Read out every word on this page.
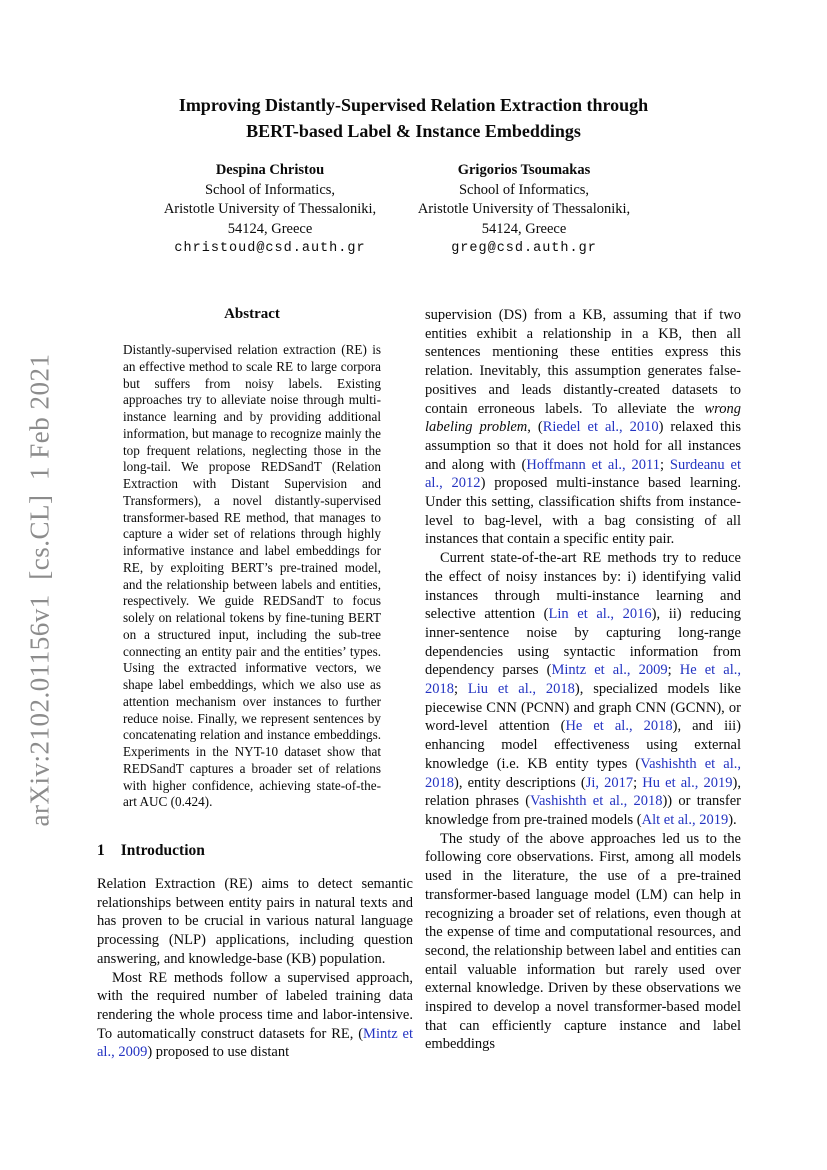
arXiv:2102.01156v1  [cs.CL]  1 Feb 2021
Improving Distantly-Supervised Relation Extraction through
BERT-based Label & Instance Embeddings
Despina Christou
School of Informatics,
Aristotle University of Thessaloniki,
54124, Greece
christoud@csd.auth.gr
Grigorios Tsoumakas
School of Informatics,
Aristotle University of Thessaloniki,
54124, Greece
greg@csd.auth.gr
Abstract

Distantly-supervised relation extraction (RE) is an effective method to scale RE to large corpora but suffers from noisy labels. Existing approaches try to alleviate noise through multi-instance learning and by providing additional information, but manage to recognize mainly the top frequent relations, neglecting those in the long-tail. We propose REDSandT (Relation Extraction with Distant Supervision and Transformers), a novel distantly-supervised transformer-based RE method, that manages to capture a wider set of relations through highly informative instance and label embeddings for RE, by exploiting BERT’s pre-trained model, and the relationship between labels and entities, respectively. We guide REDSandT to focus solely on relational tokens by fine-tuning BERT on a structured input, including the sub-tree connecting an entity pair and the entities’ types. Using the extracted informative vectors, we shape label embeddings, which we also use as attention mechanism over instances to further reduce noise. Finally, we represent sentences by concatenating relation and instance embeddings. Experiments in the NYT-10 dataset show that REDSandT captures a broader set of relations with higher confidence, achieving state-of-the-art AUC (0.424).

1 Introduction

Relation Extraction (RE) aims to detect semantic relationships between entity pairs in natural texts and has proven to be crucial in various natural language processing (NLP) applications, including question answering, and knowledge-base (KB) population.

Most RE methods follow a supervised approach, with the required number of labeled training data rendering the whole process time and labor-intensive. To automatically construct datasets for RE, (Mintz et al., 2009) proposed to use distant

supervision (DS) from a KB, assuming that if two entities exhibit a relationship in a KB, then all sentences mentioning these entities express this relation. Inevitably, this assumption generates false-positives and leads distantly-created datasets to contain erroneous labels. To alleviate the wrong labeling problem, (Riedel et al., 2010) relaxed this assumption so that it does not hold for all instances and along with (Hoffmann et al., 2011; Surdeanu et al., 2012) proposed multi-instance based learning. Under this setting, classification shifts from instance-level to bag-level, with a bag consisting of all instances that contain a specific entity pair.

Current state-of-the-art RE methods try to reduce the effect of noisy instances by: i) identifying valid instances through multi-instance learning and selective attention (Lin et al., 2016), ii) reducing inner-sentence noise by capturing long-range dependencies using syntactic information from dependency parses (Mintz et al., 2009; He et al., 2018; Liu et al., 2018), specialized models like piecewise CNN (PCNN) and graph CNN (GCNN), or word-level attention (He et al., 2018), and iii) enhancing model effectiveness using external knowledge (i.e. KB entity types (Vashishth et al., 2018), entity descriptions (Ji, 2017; Hu et al., 2019), relation phrases (Vashishth et al., 2018)) or transfer knowledge from pre-trained models (Alt et al., 2019).

The study of the above approaches led us to the following core observations. First, among all models used in the literature, the use of a pre-trained transformer-based language model (LM) can help in recognizing a broader set of relations, even though at the expense of time and computational resources, and second, the relationship between label and entities can entail valuable information but rarely used over external knowledge. Driven by these observations we inspired to develop a novel transformer-based model that can efficiently capture instance and label embeddings
